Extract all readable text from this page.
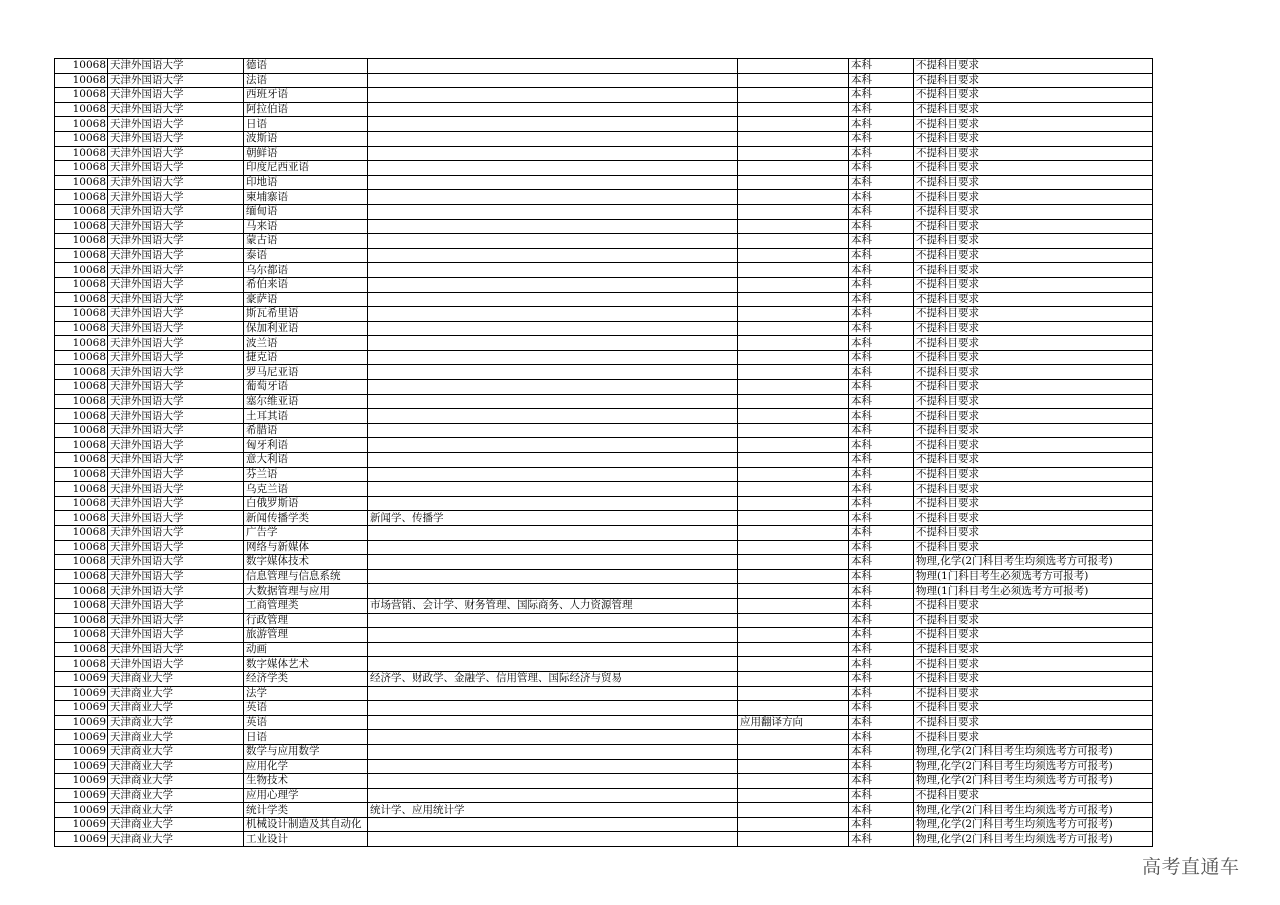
10068	天津外国语大学	德语			本科	不提科目要求
10068	天津外国语大学	法语			本科	不提科目要求
10068	天津外国语大学	西班牙语			本科	不提科目要求
10068	天津外国语大学	阿拉伯语			本科	不提科目要求
10068	天津外国语大学	日语			本科	不提科目要求
10068	天津外国语大学	波斯语			本科	不提科目要求
10068	天津外国语大学	朝鲜语			本科	不提科目要求
10068	天津外国语大学	印度尼西亚语			本科	不提科目要求
10068	天津外国语大学	印地语			本科	不提科目要求
10068	天津外国语大学	柬埔寨语			本科	不提科目要求
10068	天津外国语大学	缅甸语			本科	不提科目要求
10068	天津外国语大学	马来语			本科	不提科目要求
10068	天津外国语大学	蒙古语			本科	不提科目要求
10068	天津外国语大学	泰语			本科	不提科目要求
10068	天津外国语大学	乌尔都语			本科	不提科目要求
10068	天津外国语大学	希伯来语			本科	不提科目要求
10068	天津外国语大学	豪萨语			本科	不提科目要求
10068	天津外国语大学	斯瓦希里语			本科	不提科目要求
10068	天津外国语大学	保加利亚语			本科	不提科目要求
10068	天津外国语大学	波兰语			本科	不提科目要求
10068	天津外国语大学	捷克语			本科	不提科目要求
10068	天津外国语大学	罗马尼亚语			本科	不提科目要求
10068	天津外国语大学	葡萄牙语			本科	不提科目要求
10068	天津外国语大学	塞尔维亚语			本科	不提科目要求
10068	天津外国语大学	土耳其语			本科	不提科目要求
10068	天津外国语大学	希腊语			本科	不提科目要求
10068	天津外国语大学	匈牙利语			本科	不提科目要求
10068	天津外国语大学	意大利语			本科	不提科目要求
10068	天津外国语大学	芬兰语			本科	不提科目要求
10068	天津外国语大学	乌克兰语			本科	不提科目要求
10068	天津外国语大学	白俄罗斯语			本科	不提科目要求
10068	天津外国语大学	新闻传播学类	新闻学、传播学		本科	不提科目要求
10068	天津外国语大学	广告学			本科	不提科目要求
10068	天津外国语大学	网络与新媒体			本科	不提科目要求
10068	天津外国语大学	数字媒体技术			本科	物理,化学(2门科目考生均须选考方可报考)
10068	天津外国语大学	信息管理与信息系统			本科	物理(1门科目考生必须选考方可报考)
10068	天津外国语大学	大数据管理与应用			本科	物理(1门科目考生必须选考方可报考)
10068	天津外国语大学	工商管理类	市场营销、会计学、财务管理、国际商务、人力资源管理		本科	不提科目要求
10068	天津外国语大学	行政管理			本科	不提科目要求
10068	天津外国语大学	旅游管理			本科	不提科目要求
10068	天津外国语大学	动画			本科	不提科目要求
10068	天津外国语大学	数字媒体艺术			本科	不提科目要求
10069	天津商业大学	经济学类	经济学、财政学、金融学、信用管理、国际经济与贸易		本科	不提科目要求
10069	天津商业大学	法学			本科	不提科目要求
10069	天津商业大学	英语			本科	不提科目要求
10069	天津商业大学	英语		应用翻译方向	本科	不提科目要求
10069	天津商业大学	日语			本科	不提科目要求
10069	天津商业大学	数学与应用数学			本科	物理,化学(2门科目考生均须选考方可报考)
10069	天津商业大学	应用化学			本科	物理,化学(2门科目考生均须选考方可报考)
10069	天津商业大学	生物技术			本科	物理,化学(2门科目考生均须选考方可报考)
10069	天津商业大学	应用心理学			本科	不提科目要求
10069	天津商业大学	统计学类	统计学、应用统计学		本科	物理,化学(2门科目考生均须选考方可报考)
10069	天津商业大学	机械设计制造及其自动化			本科	物理,化学(2门科目考生均须选考方可报考)
10069	天津商业大学	工业设计			本科	物理,化学(2门科目考生均须选考方可报考)
高考直通车
